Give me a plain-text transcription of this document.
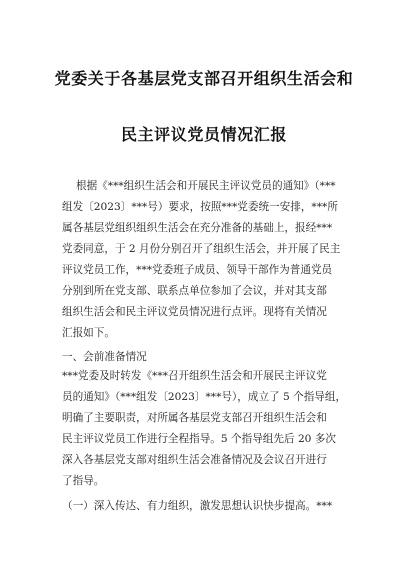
党委关于各基层党支部召开组织生活会和
民主评议党员情况汇报
根据《***组织生活会和开展民主评议党员的通知》（***
组发〔2023〕***号）要求，按照***党委统一安排，***所
属各基层党组织组织生活会在充分准备的基础上，报经***
党委同意，于 2 月份分别召开了组织生活会，并开展了民主
评议党员工作，***党委班子成员、领导干部作为普通党员
分别到所在党支部、联系点单位参加了会议，并对其支部
组织生活会和民主评议党员情况进行点评。现将有关情况
汇报如下。
一、会前准备情况
***党委及时转发《***召开组织生活会和开展民主评议党
员的通知》（***组发〔2023〕***号），成立了 5 个指导组，
明确了主要职责，对所属各基层党支部召开组织生活会和
民主评议党员工作进行全程指导。5 个指导组先后 20 多次
深入各基层党支部对组织生活会准备情况及会议召开进行
了指导。
（一）深入传达、有力组织，激发思想认识快步提高。***
